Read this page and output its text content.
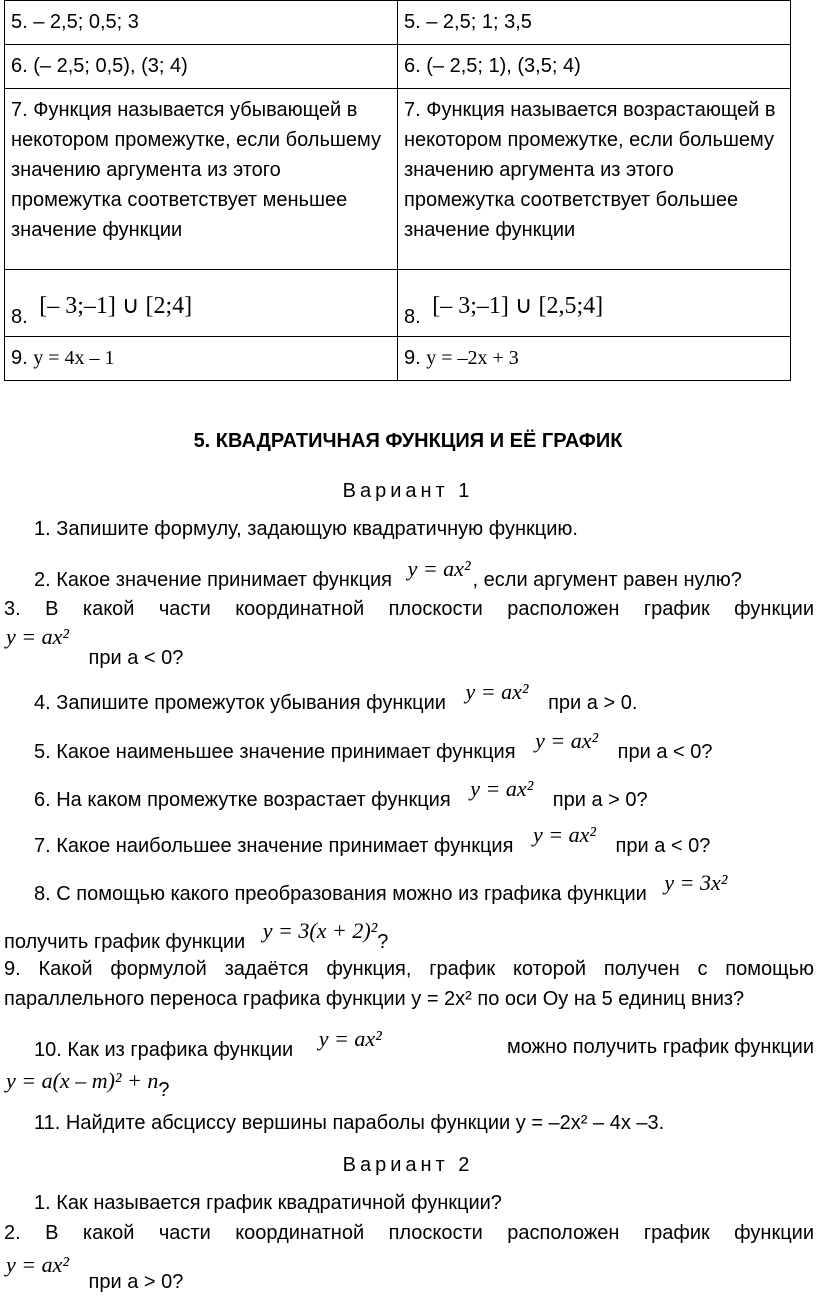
5. – 2,5; 0,5; 3	5. – 2,5; 1; 3,5
6. (– 2,5; 0,5), (3; 4)	6. (– 2,5; 1), (3,5; 4)
7. Функция называется убывающей в некотором промежутке, если большему значению аргумента из этого промежутка соответствует меньшее значение функции	7. Функция называется возрастающей в некотором промежутке, если большему значению аргумента из этого промежутка соответствует большее значение функции
8. [– 3;–1] ∪ [2;4]	8. [– 3;–1] ∪ [2,5;4]
9. y = 4x – 1	9. y = –2x + 3
5. КВАДРАТИЧНАЯ ФУНКЦИЯ И ЕЁ ГРАФИК
Вариант 1
1. Запишите формулу, задающую квадратичную функцию.
2. Какое значение принимает функция y = ax² , если аргумент равен нулю?
3. В какой части координатной плоскости расположен график функции
y = ax² при a < 0?
4. Запишите промежуток убывания функции y = ax² при a > 0.
5. Какое наименьшее значение принимает функция y = ax² при a < 0?
6. На каком промежутке возрастает функция y = ax² при a > 0?
7. Какое наибольшее значение принимает функция y = ax² при a < 0?
8. С помощью какого преобразования можно из графика функции y = 3x²
получить график функции y = 3(x + 2)²?
9. Какой формулой задаётся функция, график которой получен с помощью
параллельного переноса графика функции y = 2x² по оси Oy на 5 единиц вниз?
10. Как из графика функции y = ax²	можно получить график функции
y = a(x – m)² + n?
11. Найдите абсциссу вершины параболы функции y = –2x² – 4x –3.
Вариант 2
1. Как называется график квадратичной функции?
2. В какой части координатной плоскости расположен график функции
y = ax² при a > 0?
